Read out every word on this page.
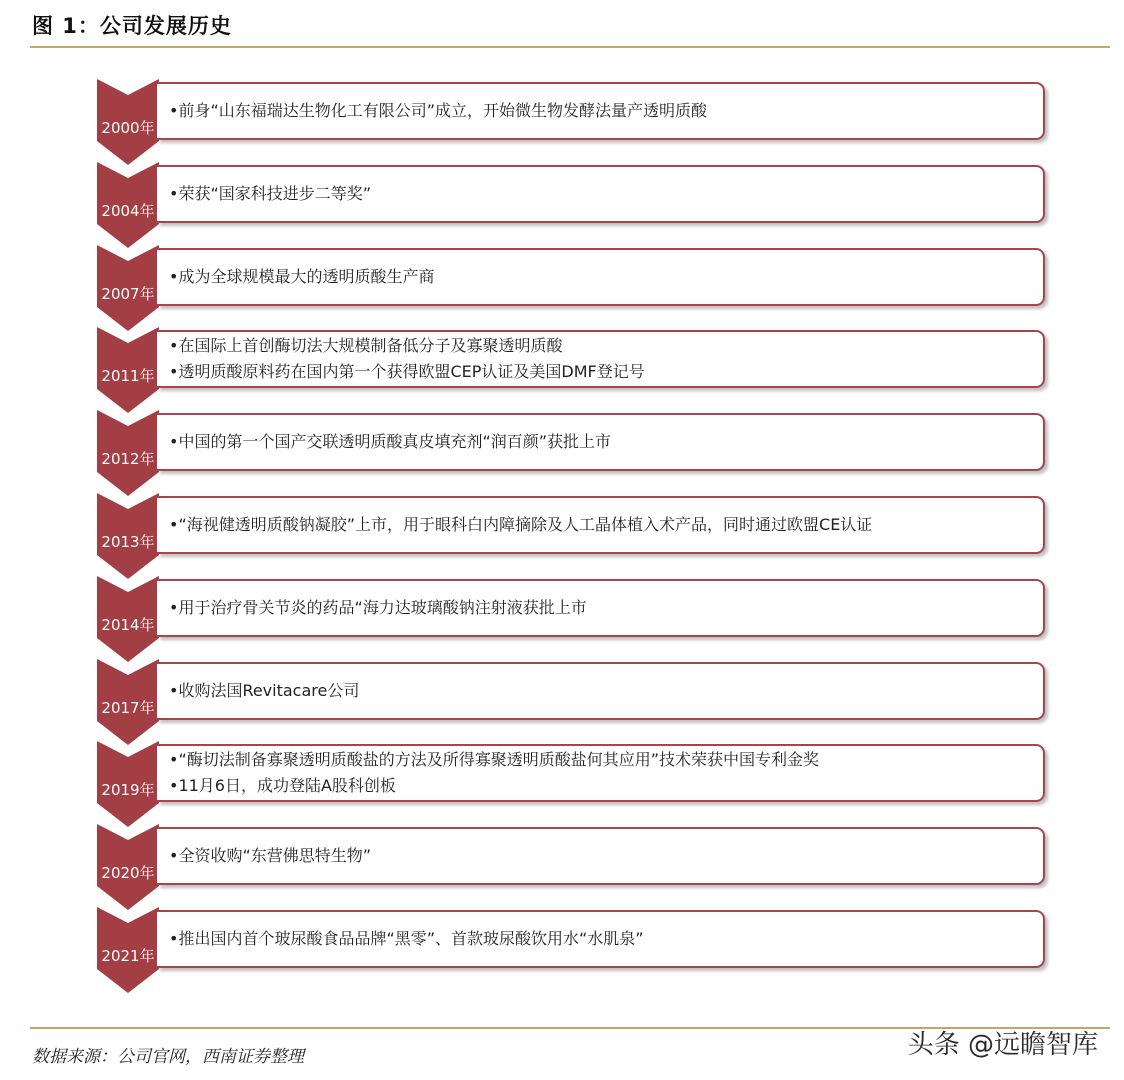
图 1：公司发展历史
2000年
•前身“山东福瑞达生物化工有限公司”成立，开始微生物发酵法量产透明质酸
2004年
•荣获“国家科技进步二等奖”
2007年
•成为全球规模最大的透明质酸生产商
2011年
•在国际上首创酶切法大规模制备低分子及寡聚透明质酸
•透明质酸原料药在国内第一个获得欧盟CEP认证及美国DMF登记号
2012年
•中国的第一个国产交联透明质酸真皮填充剂“润百颜”获批上市
2013年
•“海视健透明质酸钠凝胶”上市，用于眼科白内障摘除及人工晶体植入术产品，同时通过欧盟CE认证
2014年
•用于治疗骨关节炎的药品“海力达玻璃酸钠注射液获批上市
2017年
•收购法国Revitacare公司
2019年
•“酶切法制备寡聚透明质酸盐的方法及所得寡聚透明质酸盐何其应用”技术荣获中国专利金奖
•11月6日，成功登陆A股科创板
2020年
•全资收购“东营佛思特生物”
2021年
•推出国内首个玻尿酸食品品牌“黑零”、首款玻尿酸饮用水“水肌泉”
数据来源：公司官网，西南证券整理	头条 @远瞻智库
